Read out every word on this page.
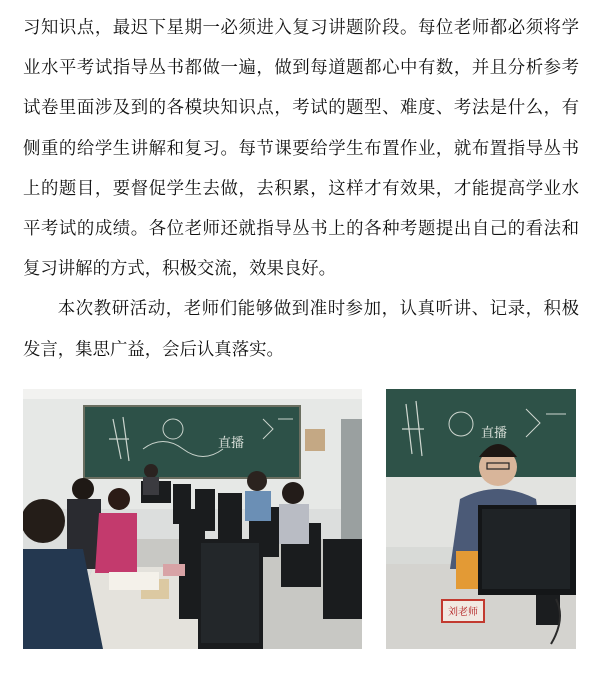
习知识点，最迟下星期一必须进入复习讲题阶段。每位老师都必须将学业水平考试指导丛书都做一遍，做到每道题都心中有数，并且分析参考试卷里面涉及到的各模块知识点，考试的题型、难度、考法是什么，有侧重的给学生讲解和复习。每节课要给学生布置作业，就布置指导丛书上的题目，要督促学生去做，去积累，这样才有效果，才能提高学业水平考试的成绩。各位老师还就指导丛书上的各种考题提出自己的看法和复习讲解的方式，积极交流，效果良好。

本次教研活动，老师们能够做到准时参加，认真听讲、记录，积极发言，集思广益，会后认真落实。

直播
直播
刘老师
